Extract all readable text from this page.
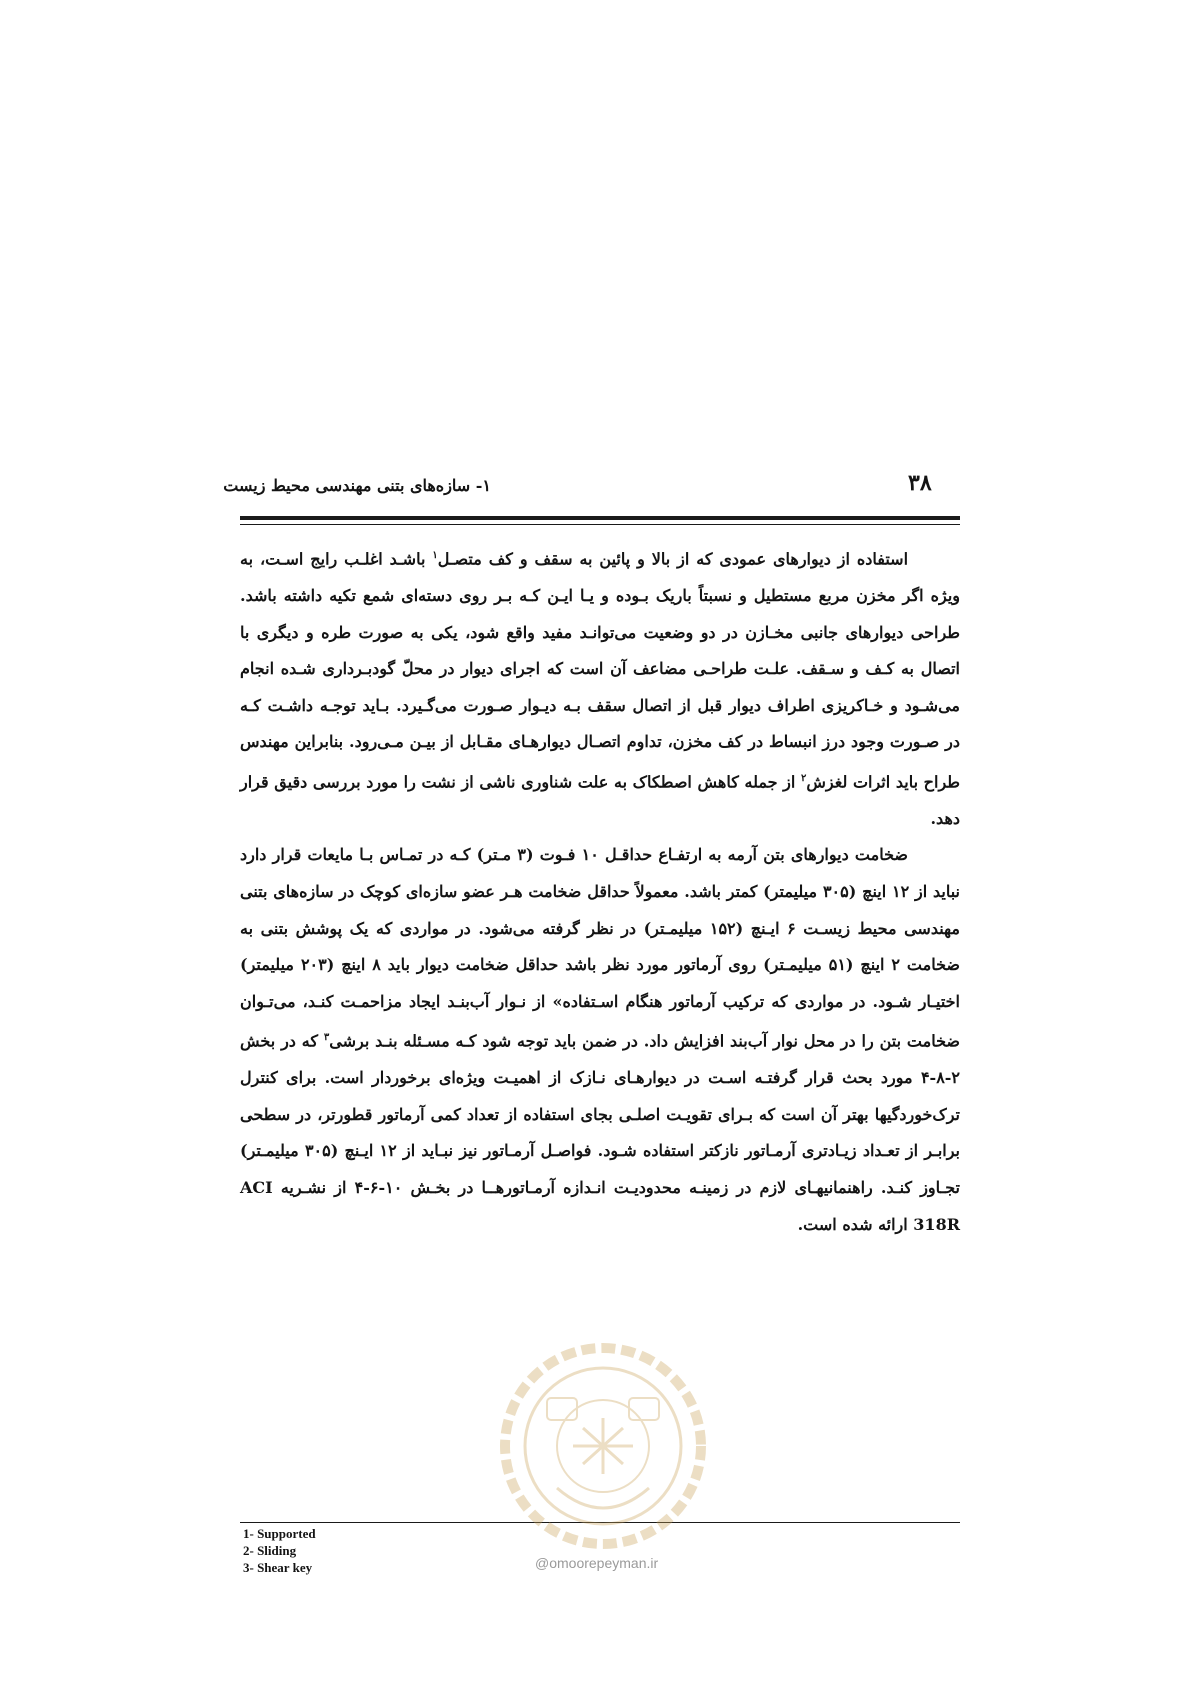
۳۸
۱- سازه‌های بتنی مهندسی محیط زیست

استفاده از دیوارهای عمودی که از بالا و پائین به سقف و کف متصـل$^۱$ باشـد اغلـب رایج اسـت، به ویژه اگر مخزن مربع مستطیل و نسبتاً باریک بـوده و یـا ایـن کـه بـر روی دسته‌ای شمع تکیه داشته باشد. طراحی دیوارهای جانبی مخـازن در دو وضعیت می‌توانـد مفید واقع شود، یکی به صورت طره و دیگری با اتصال به کـف و سـقف. علـت طراحـی مضاعف آن است که اجرای دیوار در محلّ گودبـرداری شـده انجام می‌شـود و خـاکریزی اطراف دیوار قبل از اتصال سقف بـه دیـوار صـورت می‌گـیرد. بـاید توجـه داشـت کـه در صـورت وجود درز انبساط در کف مخزن، تداوم اتصـال دیوارهـای مقـابل از بیـن مـی‌رود. بنابراین مهندس طراح باید اثرات لغزش$^۲$ از جمله کاهش اصطکاک به علت شناوری ناشی از نشت را مورد بررسی دقیق قرار دهد.

ضخامت دیوارهای بتن آرمه به ارتفـاع حداقـل ۱۰ فـوت (۳ مـتر) کـه در تمـاس بـا مایعات قرار دارد نباید از ۱۲ اینچ (۳۰۵ میلیمتر) کمتر باشد. معمولاً حداقل ضخامت هـر عضو سازه‌ای کوچک در سازه‌های بتنی مهندسی محیط زیسـت ۶ ایـنچ (۱۵۲ میلیمـتر) در نظر گرفته می‌شود. در مواردی که یک پوشش بتنی به ضخامت ۲ اینچ (۵۱ میلیمـتر) روی آرماتور مورد نظر باشد حداقل ضخامت دیوار باید ۸ اینچ (۲۰۳ میلیمتر) اختیـار شـود. در مواردی که ترکیب آرماتور هنگام اسـتفاده» از نـوار آب‌بنـد ایجاد مزاحمـت کنـد، می‌تـوان ضخامت بتن را در محل نوار آب‌بند افزایش داد. در ضمن باید توجه شود کـه مسـئله بنـد برشی$^۳$ که در بخش ۲-۸-۴ مورد بحث قرار گرفتـه اسـت در دیوارهـای نـازک از اهمیـت ویژه‌ای برخوردار است. برای کنترل ترک‌خوردگیها بهتر آن است که بـرای تقویـت اصلـی بجای استفاده از تعداد کمی آرماتور قطورتر، در سطحی برابـر از تعـداد زیـادتری آرمـاتور نازکتر استفاده شـود. فواصـل آرمـاتور نیز نبـاید از ۱۲ ایـنچ (۳۰۵ میلیمـتر) تجـاوز کنـد. راهنمانیهـای لازم در زمینـه محدودیـت انـدازه آرمـاتورهــا در بخـش ۱۰-۶-۴ از نشـریه ACI 318R ارائه شده است.

1- Supported
2- Sliding
3- Shear key	@omoorepeyman.ir
